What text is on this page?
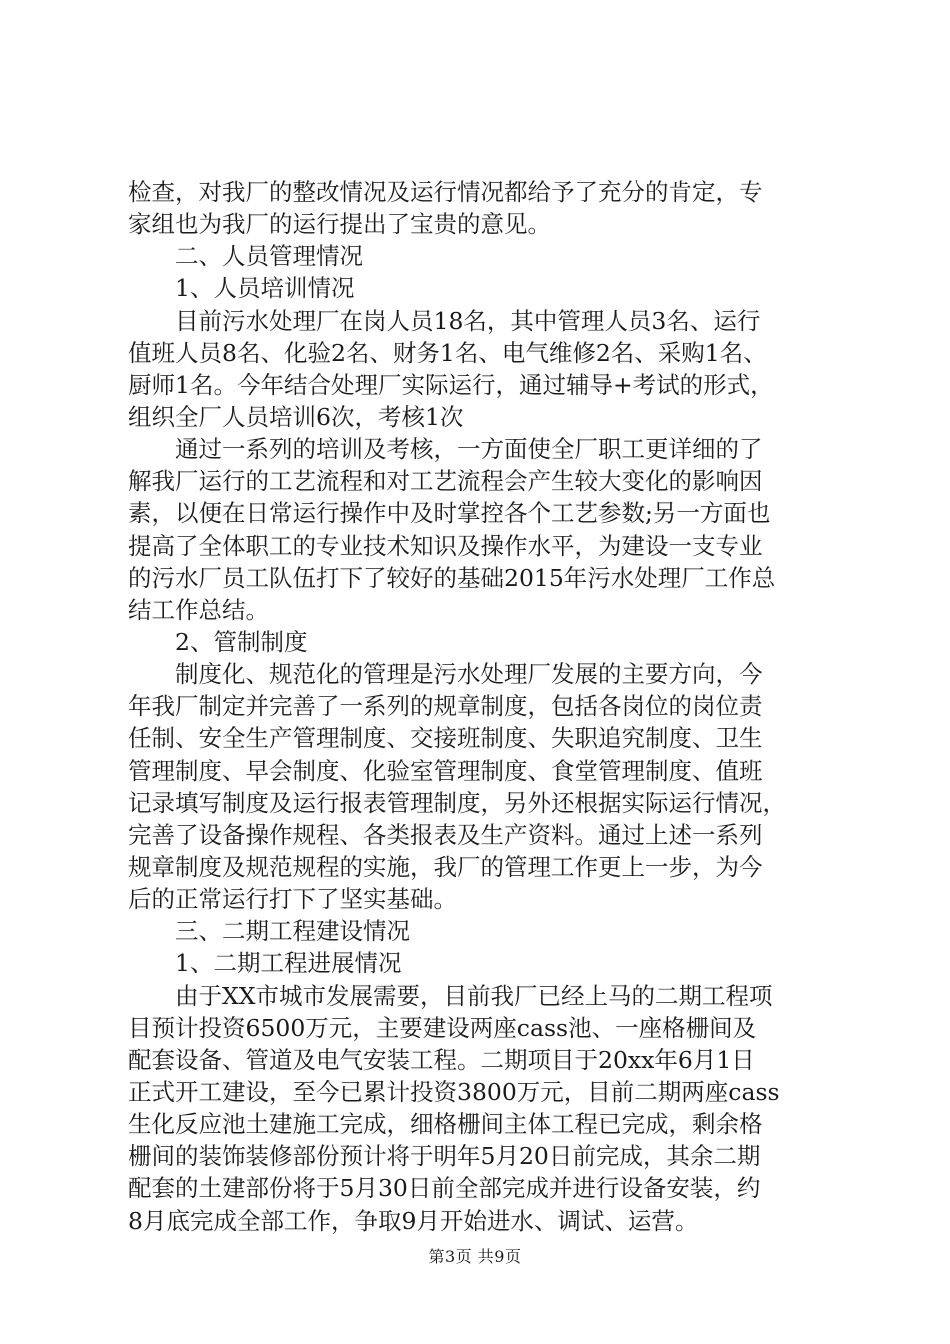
检查，对我厂的整改情况及运行情况都给予了充分的肯定，专
家组也为我厂的运行提出了宝贵的意见。
二、人员管理情况
1、人员培训情况
目前污水处理厂在岗人员18名，其中管理人员3名、运行
值班人员8名、化验2名、财务1名、电气维修2名、采购1名、
厨师1名。今年结合处理厂实际运行，通过辅导+考试的形式，
组织全厂人员培训6次，考核1次
通过一系列的培训及考核，一方面使全厂职工更详细的了
解我厂运行的工艺流程和对工艺流程会产生较大变化的影响因
素，以便在日常运行操作中及时掌控各个工艺参数;另一方面也
提高了全体职工的专业技术知识及操作水平，为建设一支专业
的污水厂员工队伍打下了较好的基础2015年污水处理厂工作总
结工作总结。
2、管制制度
制度化、规范化的管理是污水处理厂发展的主要方向，今
年我厂制定并完善了一系列的规章制度，包括各岗位的岗位责
任制、安全生产管理制度、交接班制度、失职追究制度、卫生
管理制度、早会制度、化验室管理制度、食堂管理制度、值班
记录填写制度及运行报表管理制度，另外还根据实际运行情况，
完善了设备操作规程、各类报表及生产资料。通过上述一系列
规章制度及规范规程的实施，我厂的管理工作更上一步，为今
后的正常运行打下了坚实基础。
三、二期工程建设情况
1、二期工程进展情况
由于XX市城市发展需要，目前我厂已经上马的二期工程项
目预计投资6500万元，主要建设两座cass池、一座格栅间及
配套设备、管道及电气安装工程。二期项目于20xx年6月1日
正式开工建设，至今已累计投资3800万元，目前二期两座cass
生化反应池土建施工完成，细格栅间主体工程已完成，剩余格
栅间的装饰装修部份预计将于明年5月20日前完成，其余二期
配套的土建部份将于5月30日前全部完成并进行设备安装，约
8月底完成全部工作，争取9月开始进水、调试、运营。
第3页 共9页
